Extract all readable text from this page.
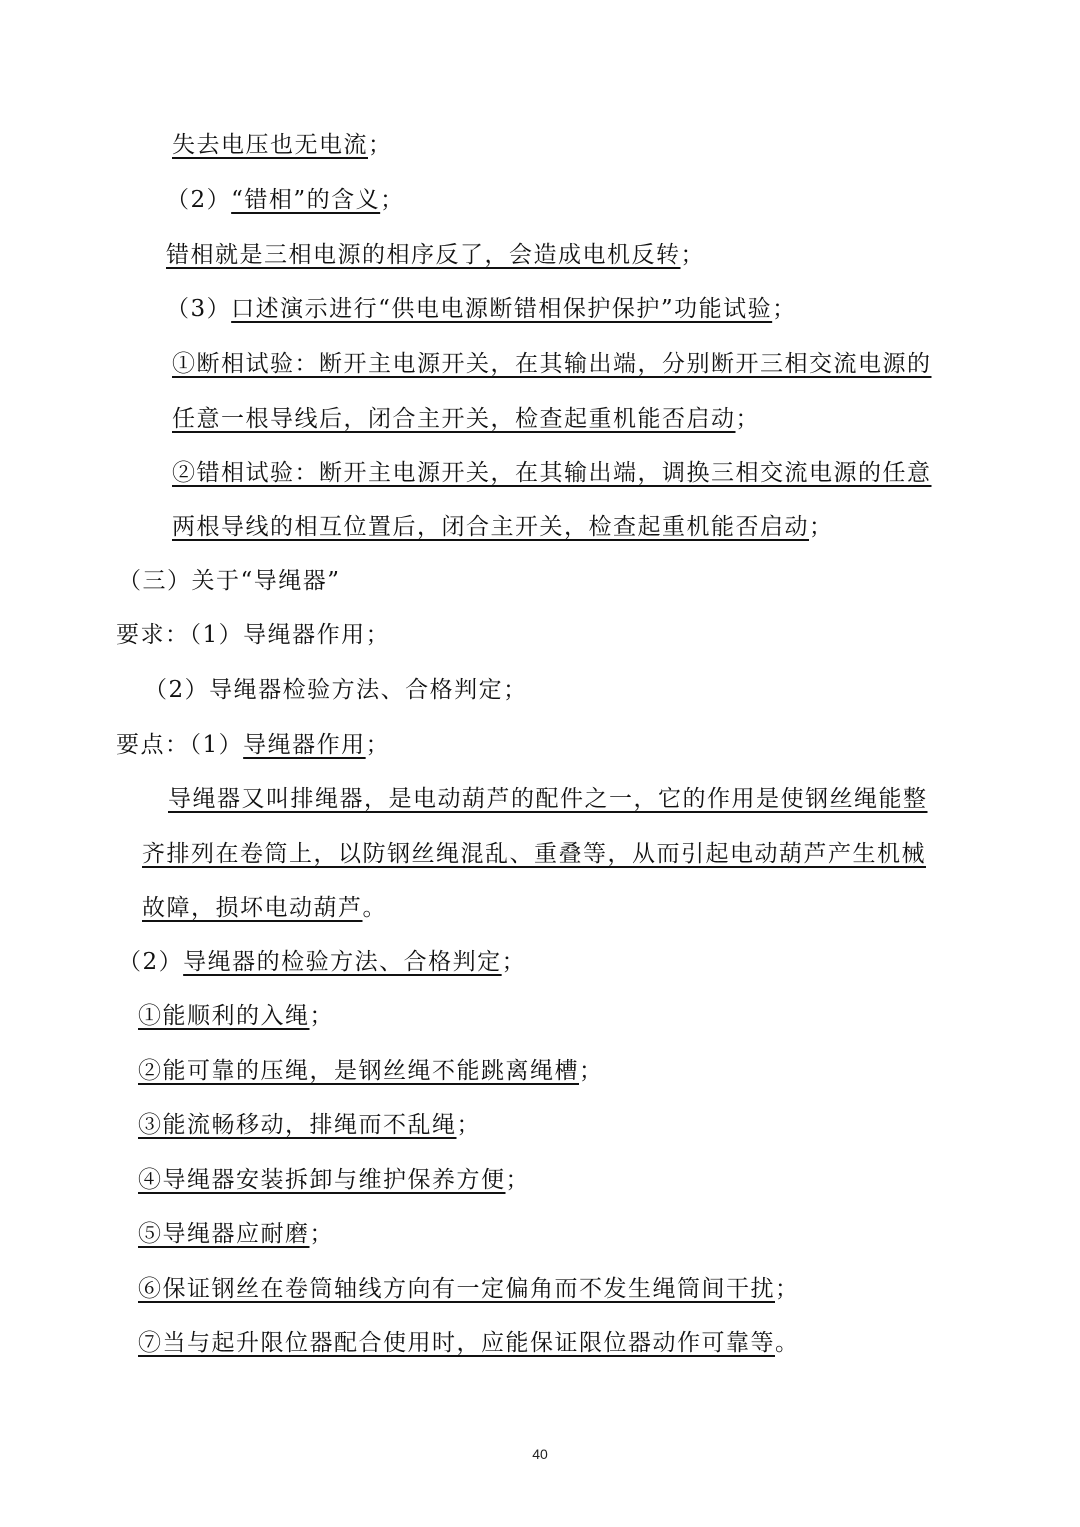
失去电压也无电流；
（2）“错相”的含义；
错相就是三相电源的相序反了，会造成电机反转；
（3）口述演示进行“供电电源断错相保护保护”功能试验；
①断相试验：断开主电源开关，在其输出端，分别断开三相交流电源的
任意一根导线后，闭合主开关，检查起重机能否启动；
②错相试验：断开主电源开关，在其输出端，调换三相交流电源的任意
两根导线的相互位置后，闭合主开关，检查起重机能否启动；
（三）关于“导绳器”
要求：（1）导绳器作用；
（2）导绳器检验方法、合格判定；
要点：（1）导绳器作用；
导绳器又叫排绳器，是电动葫芦的配件之一，它的作用是使钢丝绳能整
齐排列在卷筒上，以防钢丝绳混乱、重叠等，从而引起电动葫芦产生机械
故障，损坏电动葫芦。
（2）导绳器的检验方法、合格判定；
①能顺利的入绳；
②能可靠的压绳，是钢丝绳不能跳离绳槽；
③能流畅移动，排绳而不乱绳；
④导绳器安装拆卸与维护保养方便；
⑤导绳器应耐磨；
⑥保证钢丝在卷筒轴线方向有一定偏角而不发生绳筒间干扰；
⑦当与起升限位器配合使用时，应能保证限位器动作可靠等。
40
